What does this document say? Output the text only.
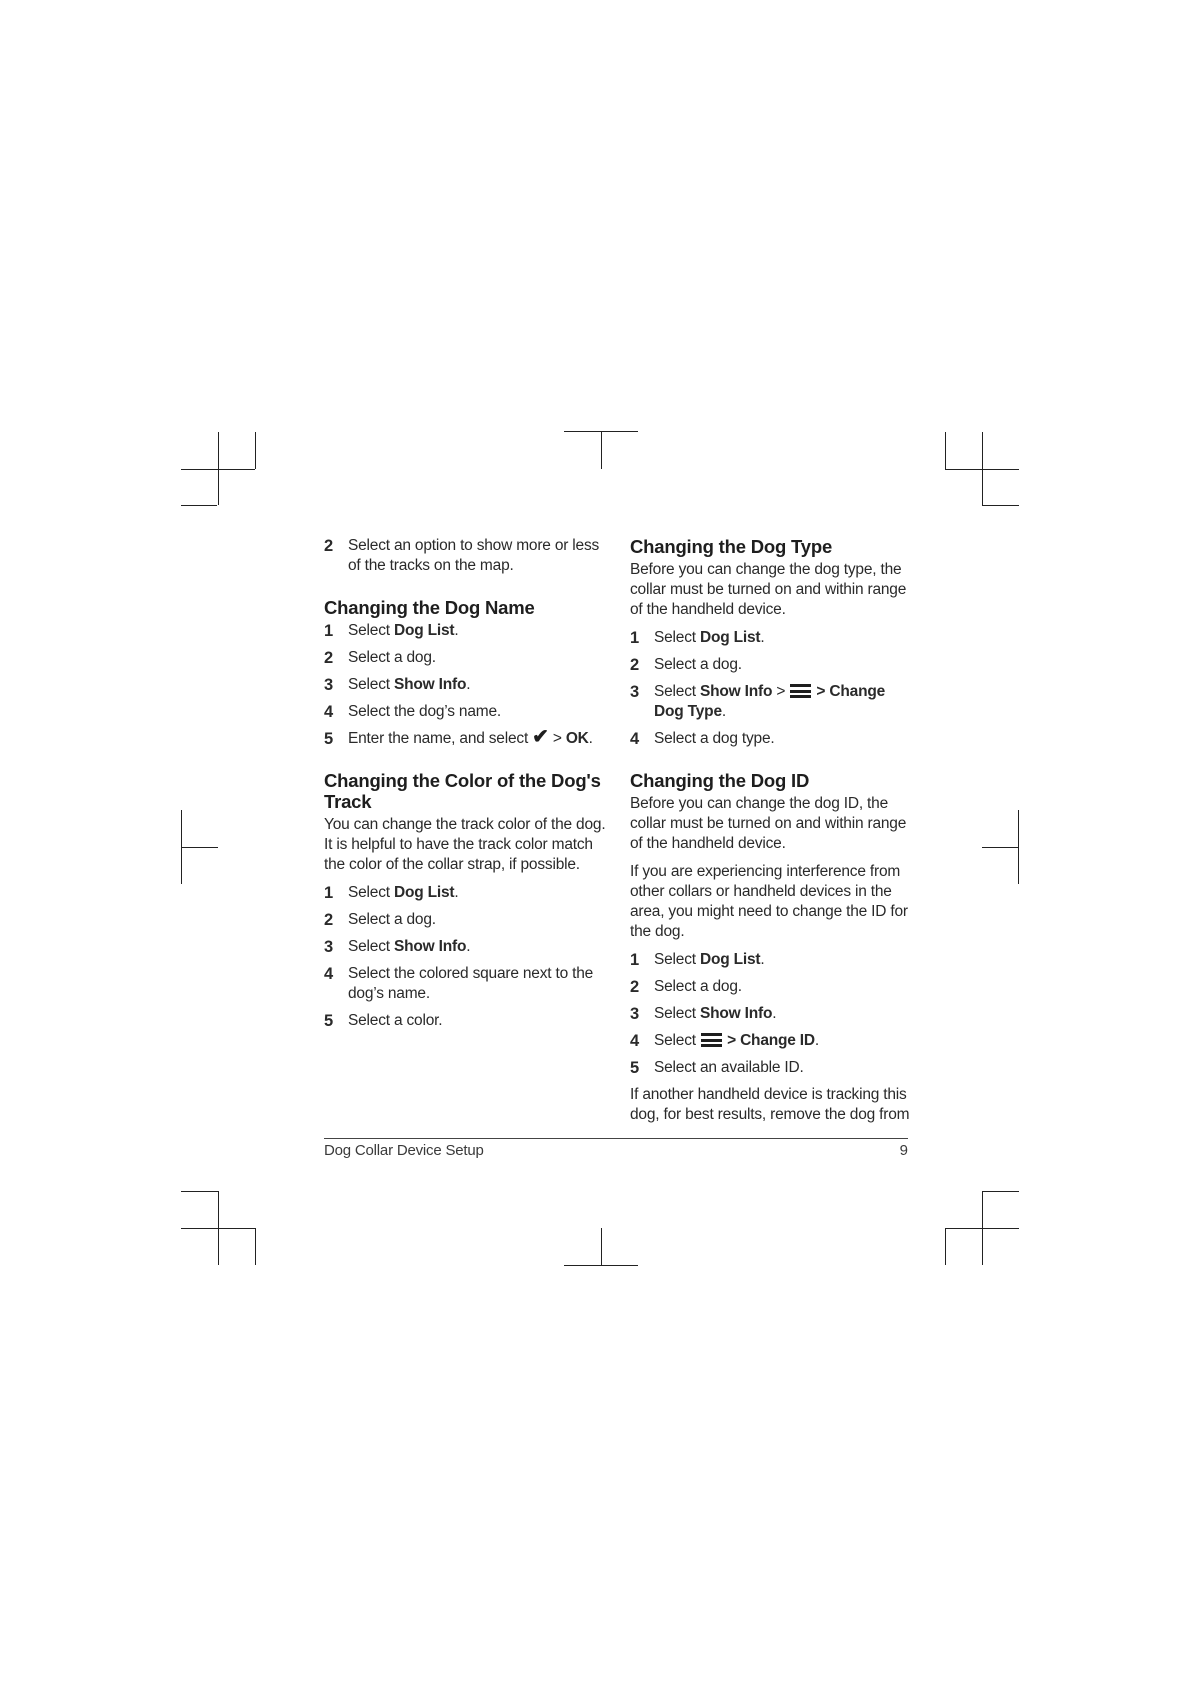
2 Select an option to show more or less of the tracks on the map.
Changing the Dog Name
1 Select Dog List.
2 Select a dog.
3 Select Show Info.
4 Select the dog’s name.
5 Enter the name, and select ✔ > OK.
Changing the Color of the Dog's Track
You can change the track color of the dog. It is helpful to have the track color match the color of the collar strap, if possible.
1 Select Dog List.
2 Select a dog.
3 Select Show Info.
4 Select the colored square next to the dog’s name.
5 Select a color.
Changing the Dog Type
Before you can change the dog type, the collar must be turned on and within range of the handheld device.
1 Select Dog List.
2 Select a dog.
3 Select Show Info >
> Change Dog Type.
4 Select a dog type.
Changing the Dog ID
Before you can change the dog ID, the collar must be turned on and within range of the handheld device.
If you are experiencing interference from other collars or handheld devices in the area, you might need to change the ID for the dog.
1 Select Dog List.
2 Select a dog.
3 Select Show Info.
4 Select
> Change ID.
5 Select an available ID.
If another handheld device is tracking this dog, for best results, remove the dog from
Dog Collar Device Setup	9
